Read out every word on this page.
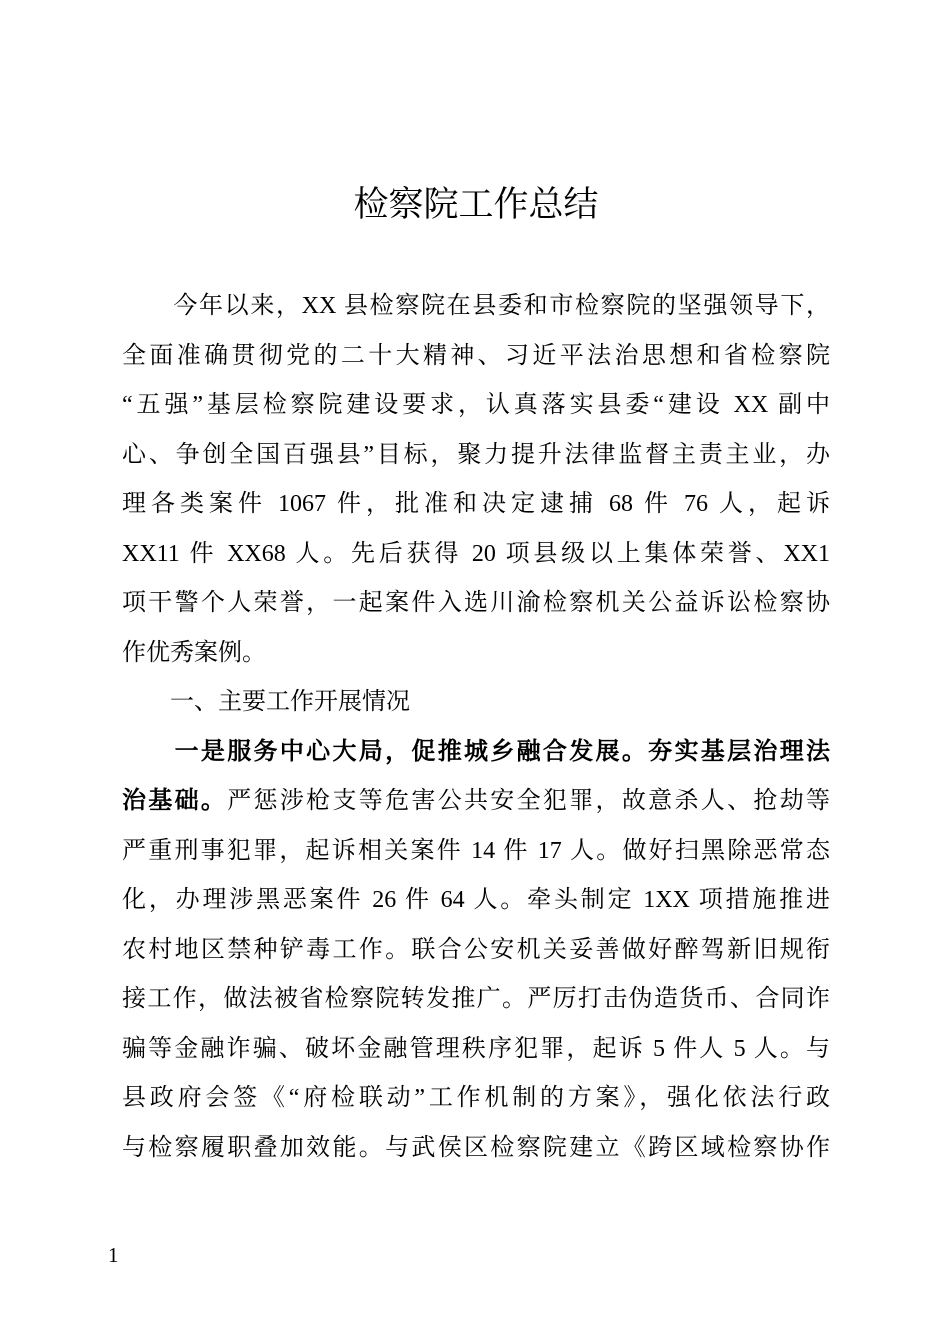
检察院工作总结
　　今年以来，XX 县检察院在县委和市检察院的坚强领导下，
全面准确贯彻党的二十大精神、习近平法治思想和省检察院
“五强”基层检察院建设要求，认真落实县委“建设 XX 副中
心、争创全国百强县”目标，聚力提升法律监督主责主业，办
理各类案件 1067 件，批准和决定逮捕 68 件 76 人，起诉
XX11 件 XX68 人。先后获得 20 项县级以上集体荣誉、XX1
项干警个人荣誉，一起案件入选川渝检察机关公益诉讼检察协
作优秀案例。
　　一、主要工作开展情况
　　一是服务中心大局，促推城乡融合发展。夯实基层治理法
治基础。严惩涉枪支等危害公共安全犯罪，故意杀人、抢劫等
严重刑事犯罪，起诉相关案件 14 件 17 人。做好扫黑除恶常态
化，办理涉黑恶案件 26 件 64 人。牵头制定 1XX 项措施推进
农村地区禁种铲毒工作。联合公安机关妥善做好醉驾新旧规衔
接工作，做法被省检察院转发推广。严厉打击伪造货币、合同诈
骗等金融诈骗、破坏金融管理秩序犯罪，起诉 5 件人 5 人。与
县政府会签《“府检联动”工作机制的方案》，强化依法行政
与检察履职叠加效能。与武侯区检察院建立《跨区域检察协作
1
